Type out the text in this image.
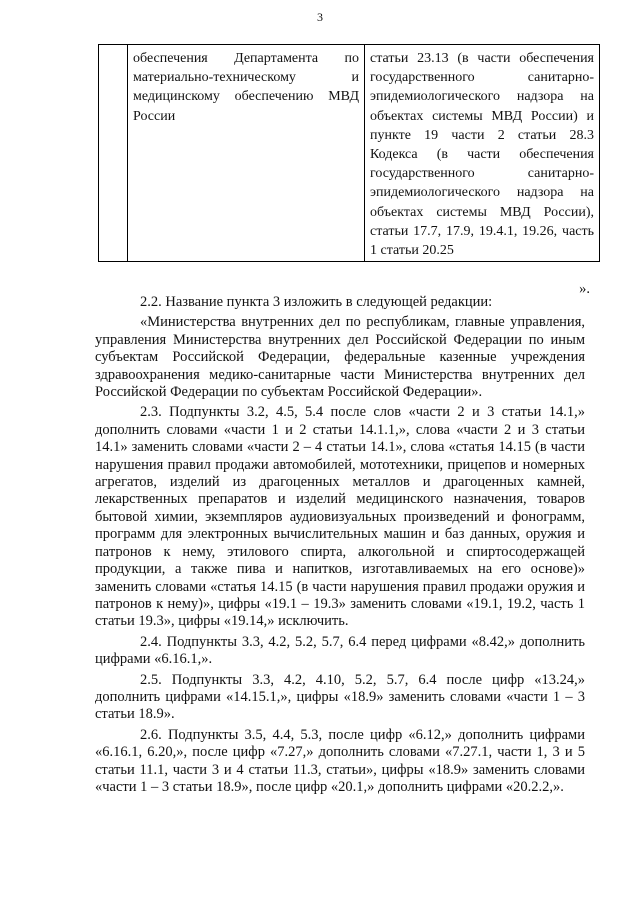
3
	обеспечения Департамента по материально-техническому и медицинскому обеспечению МВД России	статьи 23.13 (в части обеспечения государственного санитарно-эпидемиологического надзора на объектах системы МВД России) и пункте 19 части 2 статьи 28.3 Кодекса (в части обеспечения государственного санитарно-эпидемиологического надзора на объектах системы МВД России), статьи 17.7, 17.9, 19.4.1, 19.26, часть 1 статьи 20.25
».

2.2. Название пункта 3 изложить в следующей редакции:

«Министерства внутренних дел по республикам, главные управления, управления Министерства внутренних дел Российской Федерации по иным субъектам Российской Федерации, федеральные казенные учреждения здравоохранения медико-санитарные части Министерства внутренних дел Российской Федерации по субъектам Российской Федерации».

2.3. Подпункты 3.2, 4.5, 5.4 после слов «части 2 и 3 статьи 14.1,» дополнить словами «части 1 и 2 статьи 14.1.1,», слова «части 2 и 3 статьи 14.1» заменить словами «части 2 – 4 статьи 14.1», слова «статья 14.15 (в части нарушения правил продажи автомобилей, мототехники, прицепов и номерных агрегатов, изделий из драгоценных металлов и драгоценных камней, лекарственных препаратов и изделий медицинского назначения, товаров бытовой химии, экземпляров аудиовизуальных произведений и фонограмм, программ для электронных вычислительных машин и баз данных, оружия и патронов к нему, этилового спирта, алкогольной и спиртосодержащей продукции, а также пива и напитков, изготавливаемых на его основе)» заменить словами «статья 14.15 (в части нарушения правил продажи оружия и патронов к нему)», цифры «19.1 – 19.3» заменить словами «19.1, 19.2, часть 1 статьи 19.3», цифры «19.14,» исключить.

2.4. Подпункты 3.3, 4.2, 5.2, 5.7, 6.4 перед цифрами «8.42,» дополнить цифрами «6.16.1,».

2.5. Подпункты 3.3, 4.2, 4.10, 5.2, 5.7, 6.4 после цифр «13.24,» дополнить цифрами «14.15.1,», цифры «18.9» заменить словами «части 1 – 3 статьи 18.9».

2.6. Подпункты 3.5, 4.4, 5.3, после цифр «6.12,» дополнить цифрами «6.16.1, 6.20,», после цифр «7.27,» дополнить словами «7.27.1, части 1, 3 и 5 статьи 11.1, части 3 и 4 статьи 11.3, статьи», цифры «18.9» заменить словами «части 1 – 3 статьи 18.9», после цифр «20.1,» дополнить цифрами «20.2.2,».
